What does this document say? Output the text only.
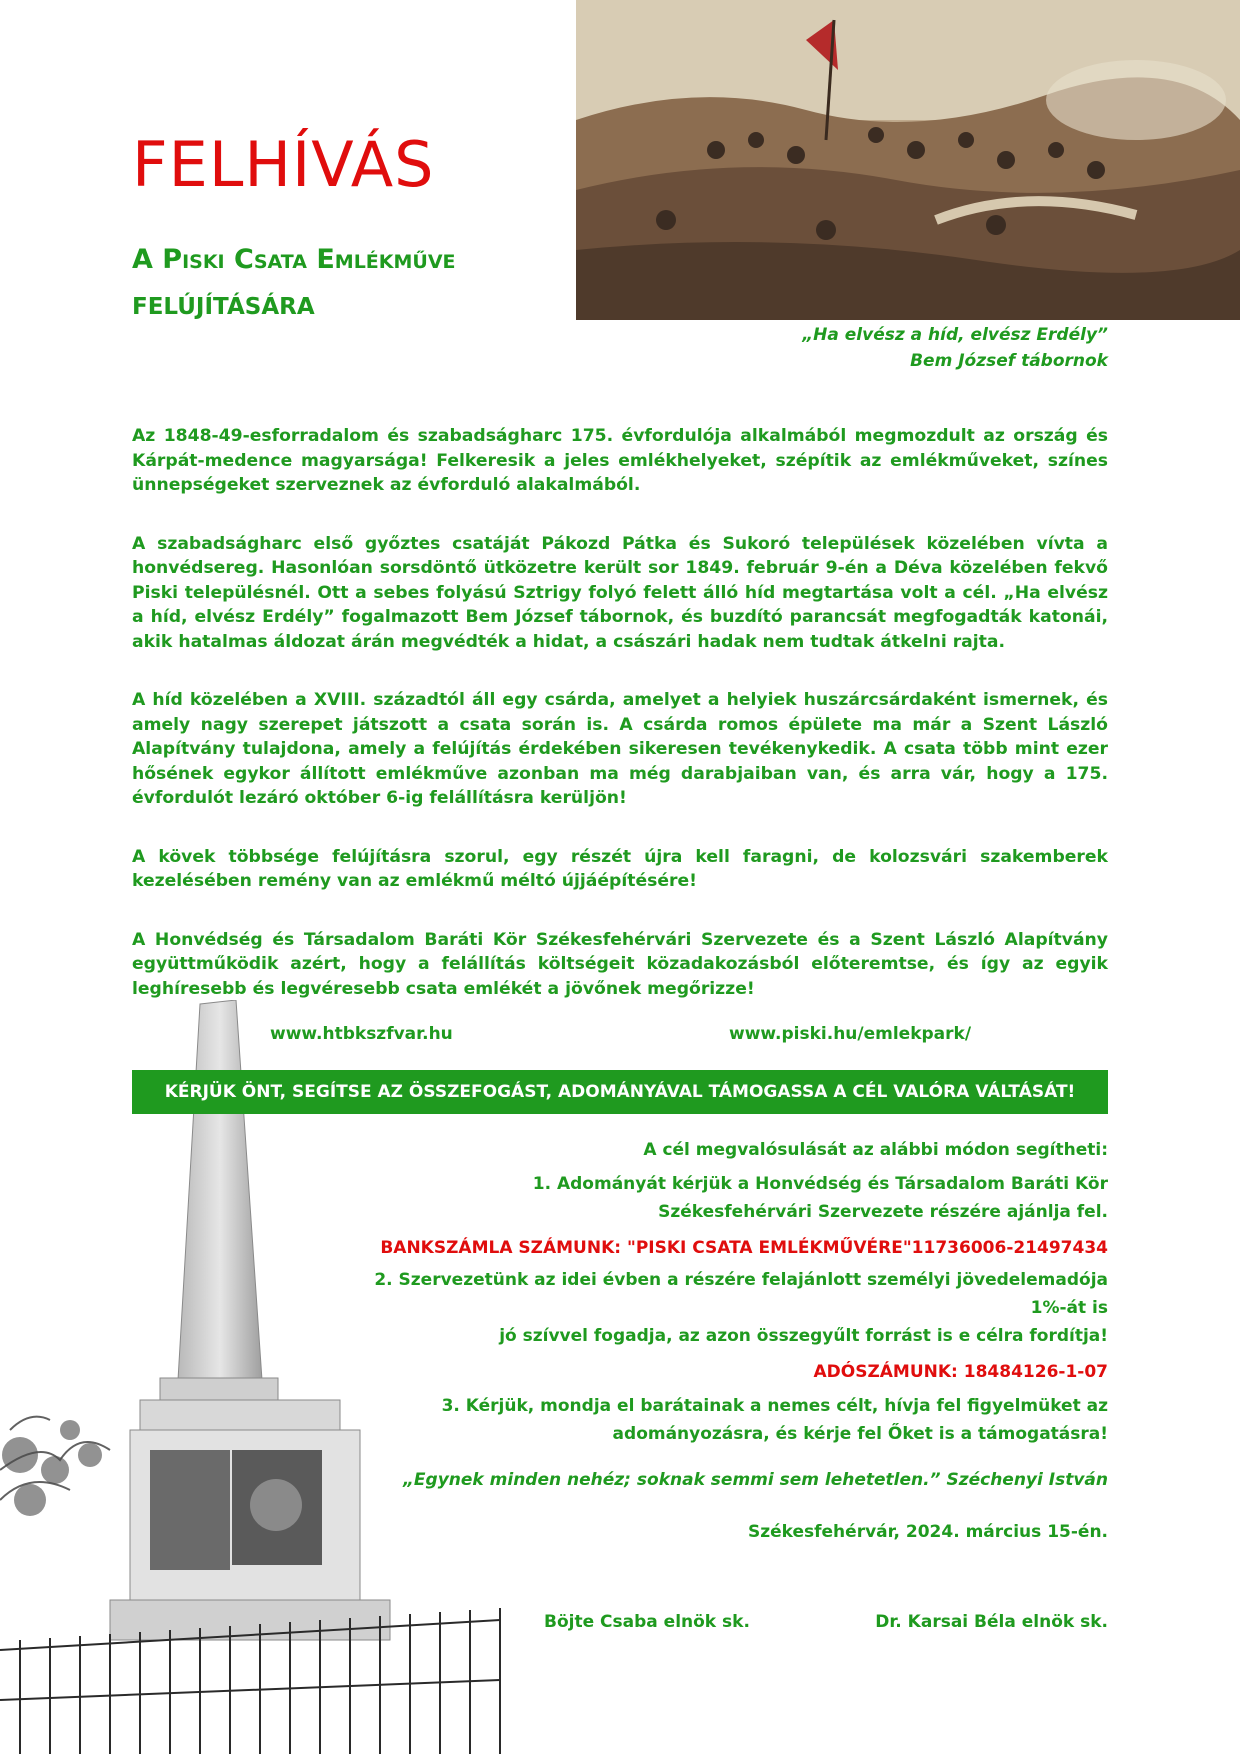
FELHÍVÁS
A Piski Csata Emlékműve
FELÚJÍTÁSÁRA
„Ha elvész a híd, elvész Erdély”
Bem József tábornok

Az 1848-49-esforradalom és szabadságharc 175. évfordulója alkalmából megmozdult az ország és Kárpát-medence magyarsága! Felkeresik a jeles emlékhelyeket, szépítik az emlékműveket, színes ünnepségeket szerveznek az évforduló alakalmából.

A szabadságharc első győztes csatáját Pákozd Pátka és Sukoró települések közelében vívta a honvédsereg. Hasonlóan sorsdöntő ütközetre került sor 1849. február 9-én a Déva közelében fekvő Piski településnél. Ott a sebes folyású Sztrigy folyó felett álló híd megtartása volt a cél. „Ha elvész a híd, elvész Erdély” fogalmazott Bem József tábornok, és buzdító parancsát megfogadták katonái, akik hatalmas áldozat árán megvédték a hidat, a császári hadak nem tudtak átkelni rajta.

A híd közelében a XVIII. századtól áll egy csárda, amelyet a helyiek huszárcsárdaként ismernek, és amely nagy szerepet játszott a csata során is. A csárda romos épülete ma már a Szent László Alapítvány tulajdona, amely a felújítás érdekében sikeresen tevékenykedik. A csata több mint ezer hősének egykor állított emlékműve azonban ma még darabjaiban van, és arra vár, hogy a 175. évfordulót lezáró október 6-ig felállításra kerüljön!

A kövek többsége felújításra szorul, egy részét újra kell faragni, de kolozsvári szakemberek kezelésében remény van az emlékmű méltó újjáépítésére!

A Honvédség és Társadalom Baráti Kör Székesfehérvári Szervezete és a Szent László Alapítvány együttműködik azért, hogy a felállítás költségeit közadakozásból előteremtse, és így az egyik leghíresebb és legvéresebb csata emlékét a jövőnek megőrizze!

www.htbkszfvar.hu	www.piski.hu/emlekpark/
KÉRJÜK ÖNT, SEGÍTSE AZ ÖSSZEFOGÁST, ADOMÁNYÁVAL TÁMOGASSA A CÉL VALÓRA VÁLTÁSÁT!
A cél megvalósulását az alábbi módon segítheti:
1. Adományát kérjük a Honvédség és Társadalom Baráti Kör
Székesfehérvári Szervezete részére ajánlja fel.
BANKSZÁMLA SZÁMUNK: "PISKI CSATA EMLÉKMŰVÉRE"11736006-21497434
2. Szervezetünk az idei évben a részére felajánlott személyi jövedelemadója 1%-át is
jó szívvel fogadja, az azon összegyűlt forrást is e célra fordítja!
ADÓSZÁMUNK: 18484126-1-07
3. Kérjük, mondja el barátainak a nemes célt, hívja fel figyelmüket az
adományozásra, és kérje fel Őket is a támogatásra!
„Egynek minden nehéz; soknak semmi sem lehetetlen.” Széchenyi István
Székesfehérvár, 2024. március 15-én.
Böjte Csaba elnök sk.	Dr. Karsai Béla elnök sk.
